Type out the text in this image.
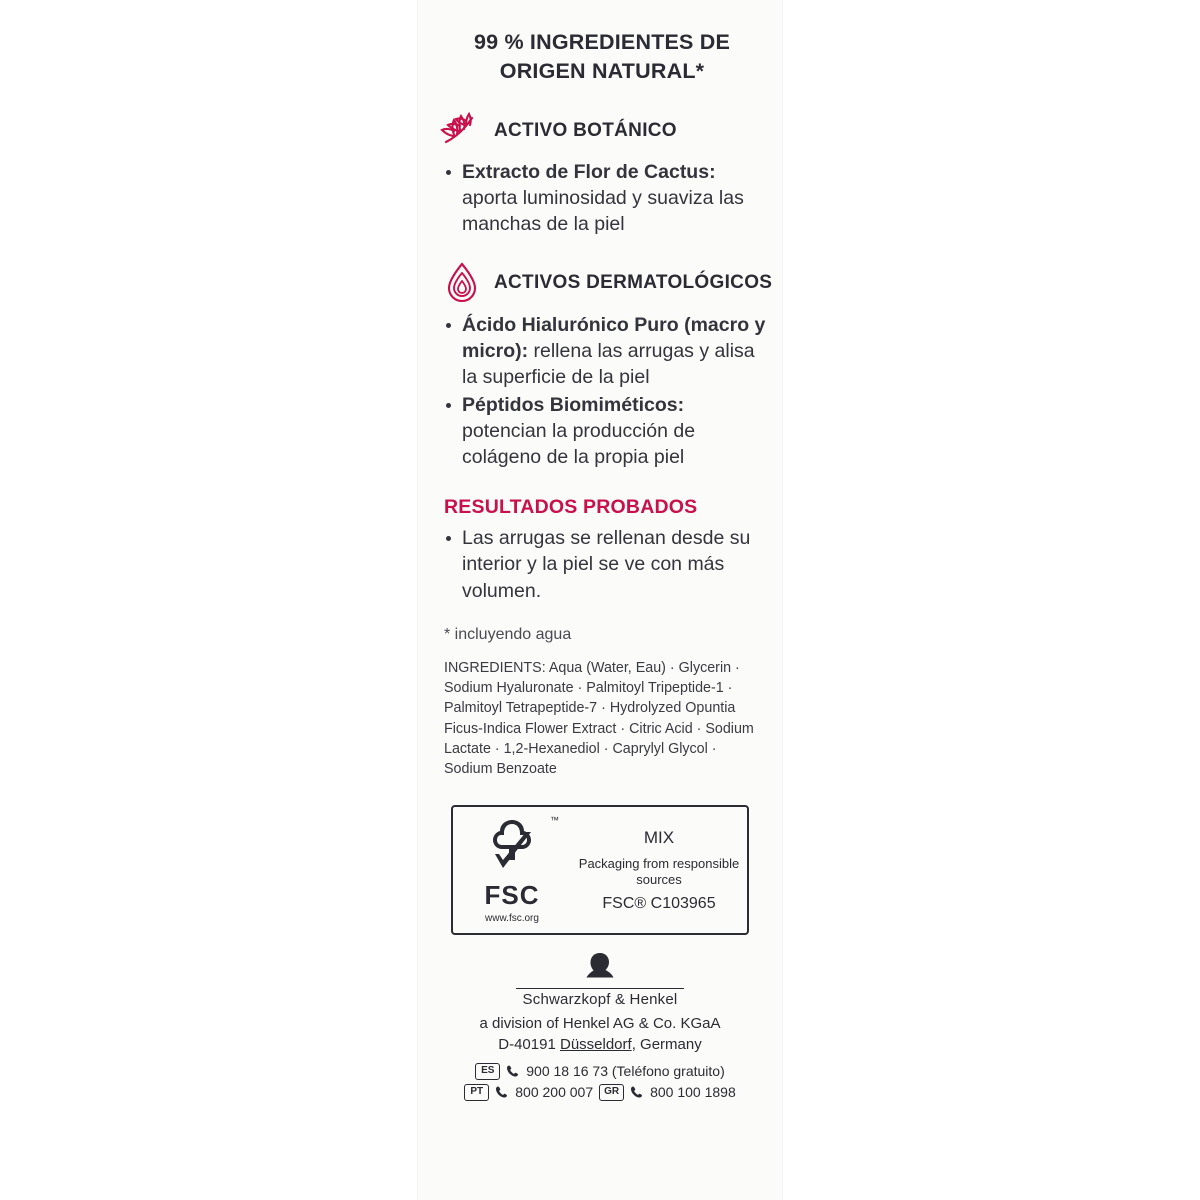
99 % INGREDIENTES DE ORIGEN NATURAL*
ACTIVO BOTÁNICO
Extracto de Flor de Cactus: aporta luminosidad y suaviza las manchas de la piel
ACTIVOS DERMATOLÓGICOS
Ácido Hialurónico Puro (macro y micro): rellena las arrugas y alisa la superficie de la piel
Péptidos Biomiméticos: potencian la producción de colágeno de la propia piel
RESULTADOS PROBADOS
Las arrugas se rellenan desde su interior y la piel se ve con más volumen.
* incluyendo agua
INGREDIENTS: Aqua (Water, Eau) · Glycerin · Sodium Hyaluronate · Palmitoyl Tripeptide-1 · Palmitoyl Tetrapeptide-7 · Hydrolyzed Opuntia Ficus-Indica Flower Extract · Citric Acid · Sodium Lactate · 1,2-Hexanediol · Caprylyl Glycol · Sodium Benzoate
™
FSC
www.fsc.org
MIX
Packaging from responsible sources
FSC® C103965
Schwarzkopf & Henkel
a division of Henkel AG & Co. KGaA
D-40191 Düsseldorf, Germany
ES	900 18 16 73 (Teléfono gratuito)
PT	800 200 007	GR	800 100 1898
